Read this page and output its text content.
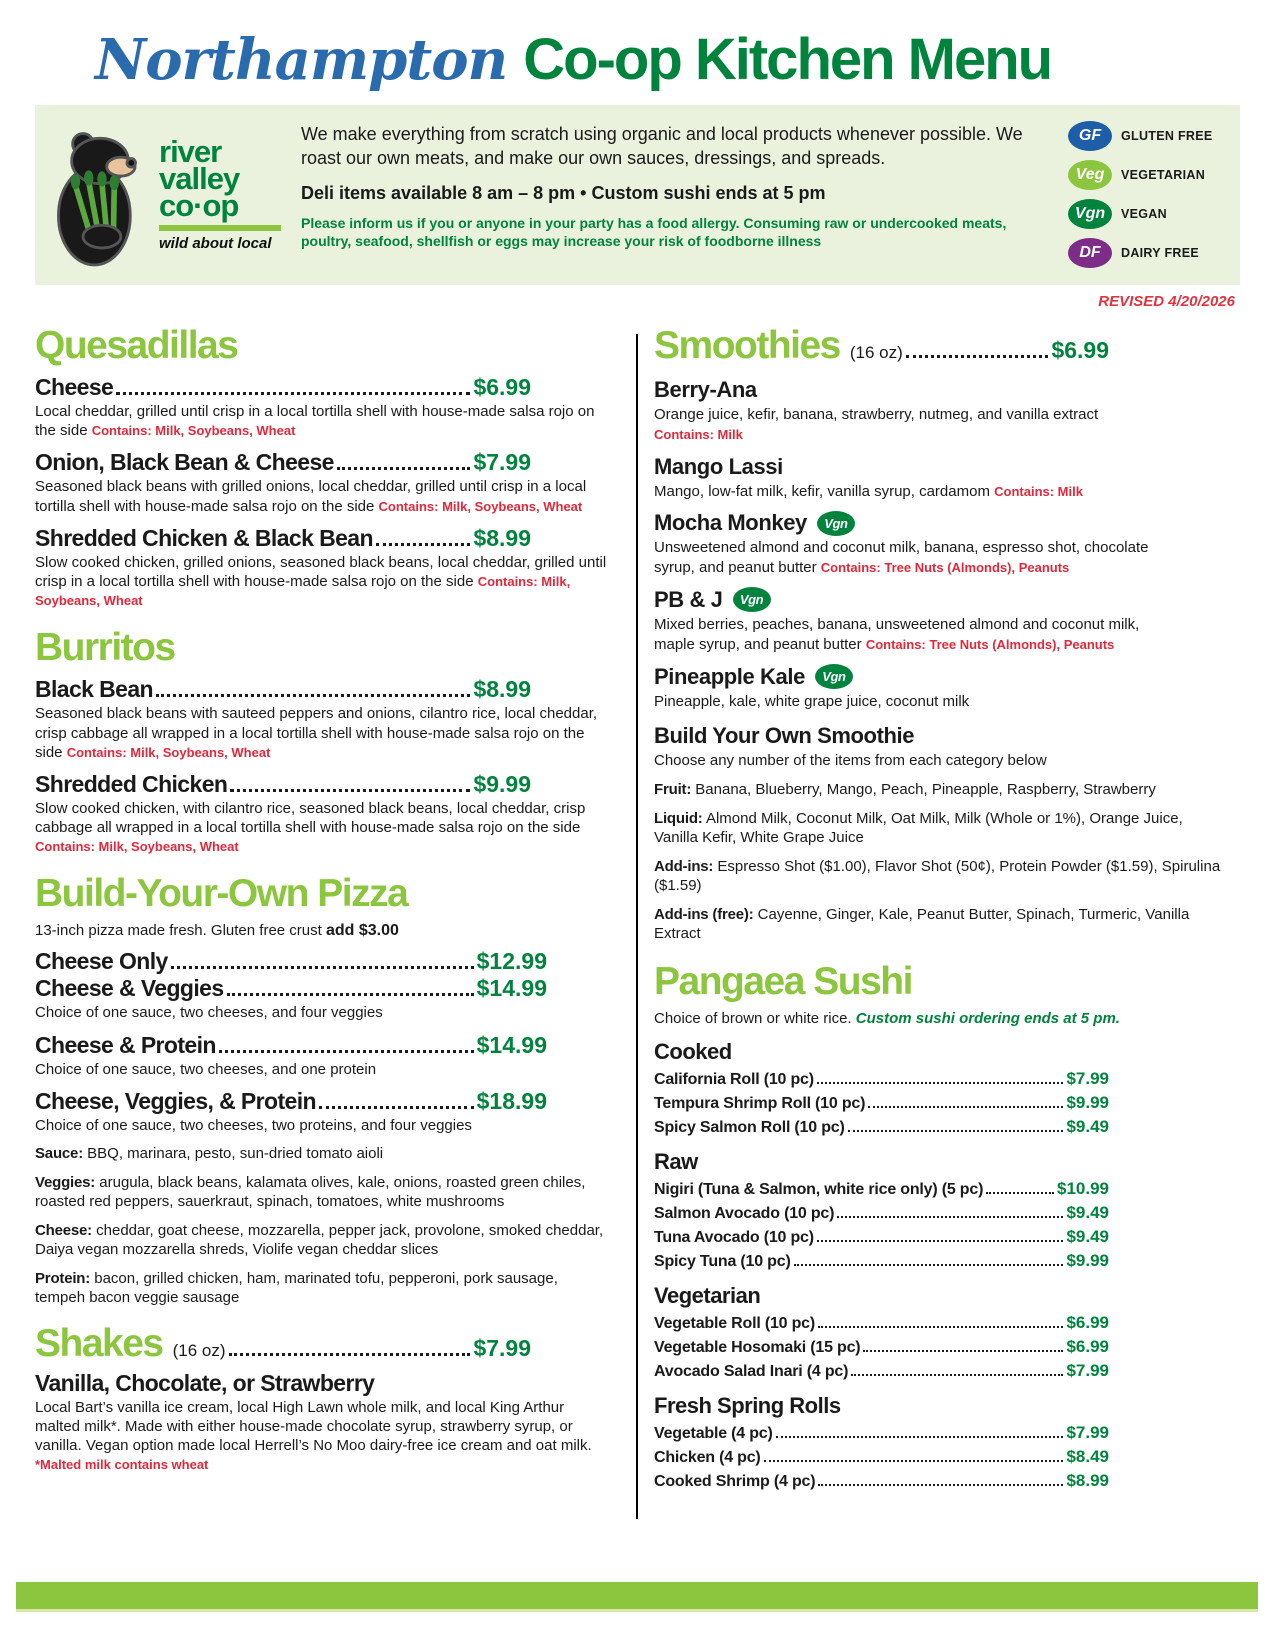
Northampton Co-op Kitchen Menu
river
valley
co·op
wild about local

We make everything from scratch using organic and local products whenever possible. We roast our own meats, and make our own sauces, dressings, and spreads.

Deli items available 8 am – 8 pm • Custom sushi ends at 5 pm

Please inform us if you or anyone in your party has a food allergy. Consuming raw or undercooked meats, poultry, seafood, shellfish or eggs may increase your risk of foodborne illness

GF	GLUTEN FREE
Veg	VEGETARIAN
Vgn	VEGAN
DF	DAIRY FREE
REVISED 4/20/2026
Quesadillas
Cheese	$6.99

Local cheddar, grilled until crisp in a local tortilla shell with house-made salsa rojo on the side Contains: Milk, Soybeans, Wheat

Onion, Black Bean & Cheese	$7.99

Seasoned black beans with grilled onions, local cheddar, grilled until crisp in a local tortilla shell with house-made salsa rojo on the side Contains: Milk, Soybeans, Wheat

Shredded Chicken & Black Bean	$8.99

Slow cooked chicken, grilled onions, seasoned black beans, local cheddar, grilled until crisp in a local tortilla shell with house-made salsa rojo on the side Contains: Milk, Soybeans, Wheat

Burritos
Black Bean	$8.99

Seasoned black beans with sauteed peppers and onions, cilantro rice, local cheddar, crisp cabbage all wrapped in a local tortilla shell with house-made salsa rojo on the side Contains: Milk, Soybeans, Wheat

Shredded Chicken	$9.99

Slow cooked chicken, with cilantro rice, seasoned black beans, local cheddar, crisp cabbage all wrapped in a local tortilla shell with house-made salsa rojo on the side Contains: Milk, Soybeans, Wheat

Build-Your-Own Pizza

13-inch pizza made fresh. Gluten free crust add $3.00

Cheese Only	$12.99
Cheese & Veggies	$14.99

Choice of one sauce, two cheeses, and four veggies

Cheese & Protein	$14.99

Choice of one sauce, two cheeses, and one protein

Cheese, Veggies, & Protein	$18.99

Choice of one sauce, two cheeses, two proteins, and four veggies

Sauce: BBQ, marinara, pesto, sun-dried tomato aioli

Veggies: arugula, black beans, kalamata olives, kale, onions, roasted green chiles, roasted red peppers, sauerkraut, spinach, tomatoes, white mushrooms

Cheese: cheddar, goat cheese, mozzarella, pepper jack, provolone, smoked cheddar, Daiya vegan mozzarella shreds, Violife vegan cheddar slices

Protein: bacon, grilled chicken, ham, marinated tofu, pepperoni, pork sausage, tempeh bacon veggie sausage

Shakes (16 oz)	$7.99
Vanilla, Chocolate, or Strawberry

Local Bart’s vanilla ice cream, local High Lawn whole milk, and local King Arthur malted milk*. Made with either house-made chocolate syrup, strawberry syrup, or vanilla. Vegan option made local Herrell’s No Moo dairy-free ice cream and oat milk. *Malted milk contains wheat

Smoothies (16 oz)	$6.99
Berry-Ana

Orange juice, kefir, banana, strawberry, nutmeg, and vanilla extract Contains: Milk

Mango Lassi

Mango, low-fat milk, kefir, vanilla syrup, cardamom Contains: Milk

Mocha Monkey	Vgn

Unsweetened almond and coconut milk, banana, espresso shot, chocolate syrup, and peanut butter Contains: Tree Nuts (Almonds), Peanuts

PB & J	Vgn

Mixed berries, peaches, banana, unsweetened almond and coconut milk, maple syrup, and peanut butter Contains: Tree Nuts (Almonds), Peanuts

Pineapple Kale	Vgn

Pineapple, kale, white grape juice, coconut milk

Build Your Own Smoothie

Choose any number of the items from each category below

Fruit: Banana, Blueberry, Mango, Peach, Pineapple, Raspberry, Strawberry

Liquid: Almond Milk, Coconut Milk, Oat Milk, Milk (Whole or 1%), Orange Juice, Vanilla Kefir, White Grape Juice

Add-ins: Espresso Shot ($1.00), Flavor Shot (50¢), Protein Powder ($1.59), Spirulina ($1.59)

Add-ins (free): Cayenne, Ginger, Kale, Peanut Butter, Spinach, Turmeric, Vanilla Extract

Pangaea Sushi

Choice of brown or white rice. Custom sushi ordering ends at 5 pm.

Cooked
California Roll (10 pc)	$7.99
Tempura Shrimp Roll (10 pc)	$9.99
Spicy Salmon Roll (10 pc)	$9.49
Raw
Nigiri (Tuna & Salmon, white rice only) (5 pc)	$10.99
Salmon Avocado (10 pc)	$9.49
Tuna Avocado (10 pc)	$9.49
Spicy Tuna (10 pc)	$9.99
Vegetarian
Vegetable Roll (10 pc)	$6.99
Vegetable Hosomaki (15 pc)	$6.99
Avocado Salad Inari (4 pc)	$7.99
Fresh Spring Rolls
Vegetable (4 pc)	$7.99
Chicken (4 pc)	$8.49
Cooked Shrimp (4 pc)	$8.99
